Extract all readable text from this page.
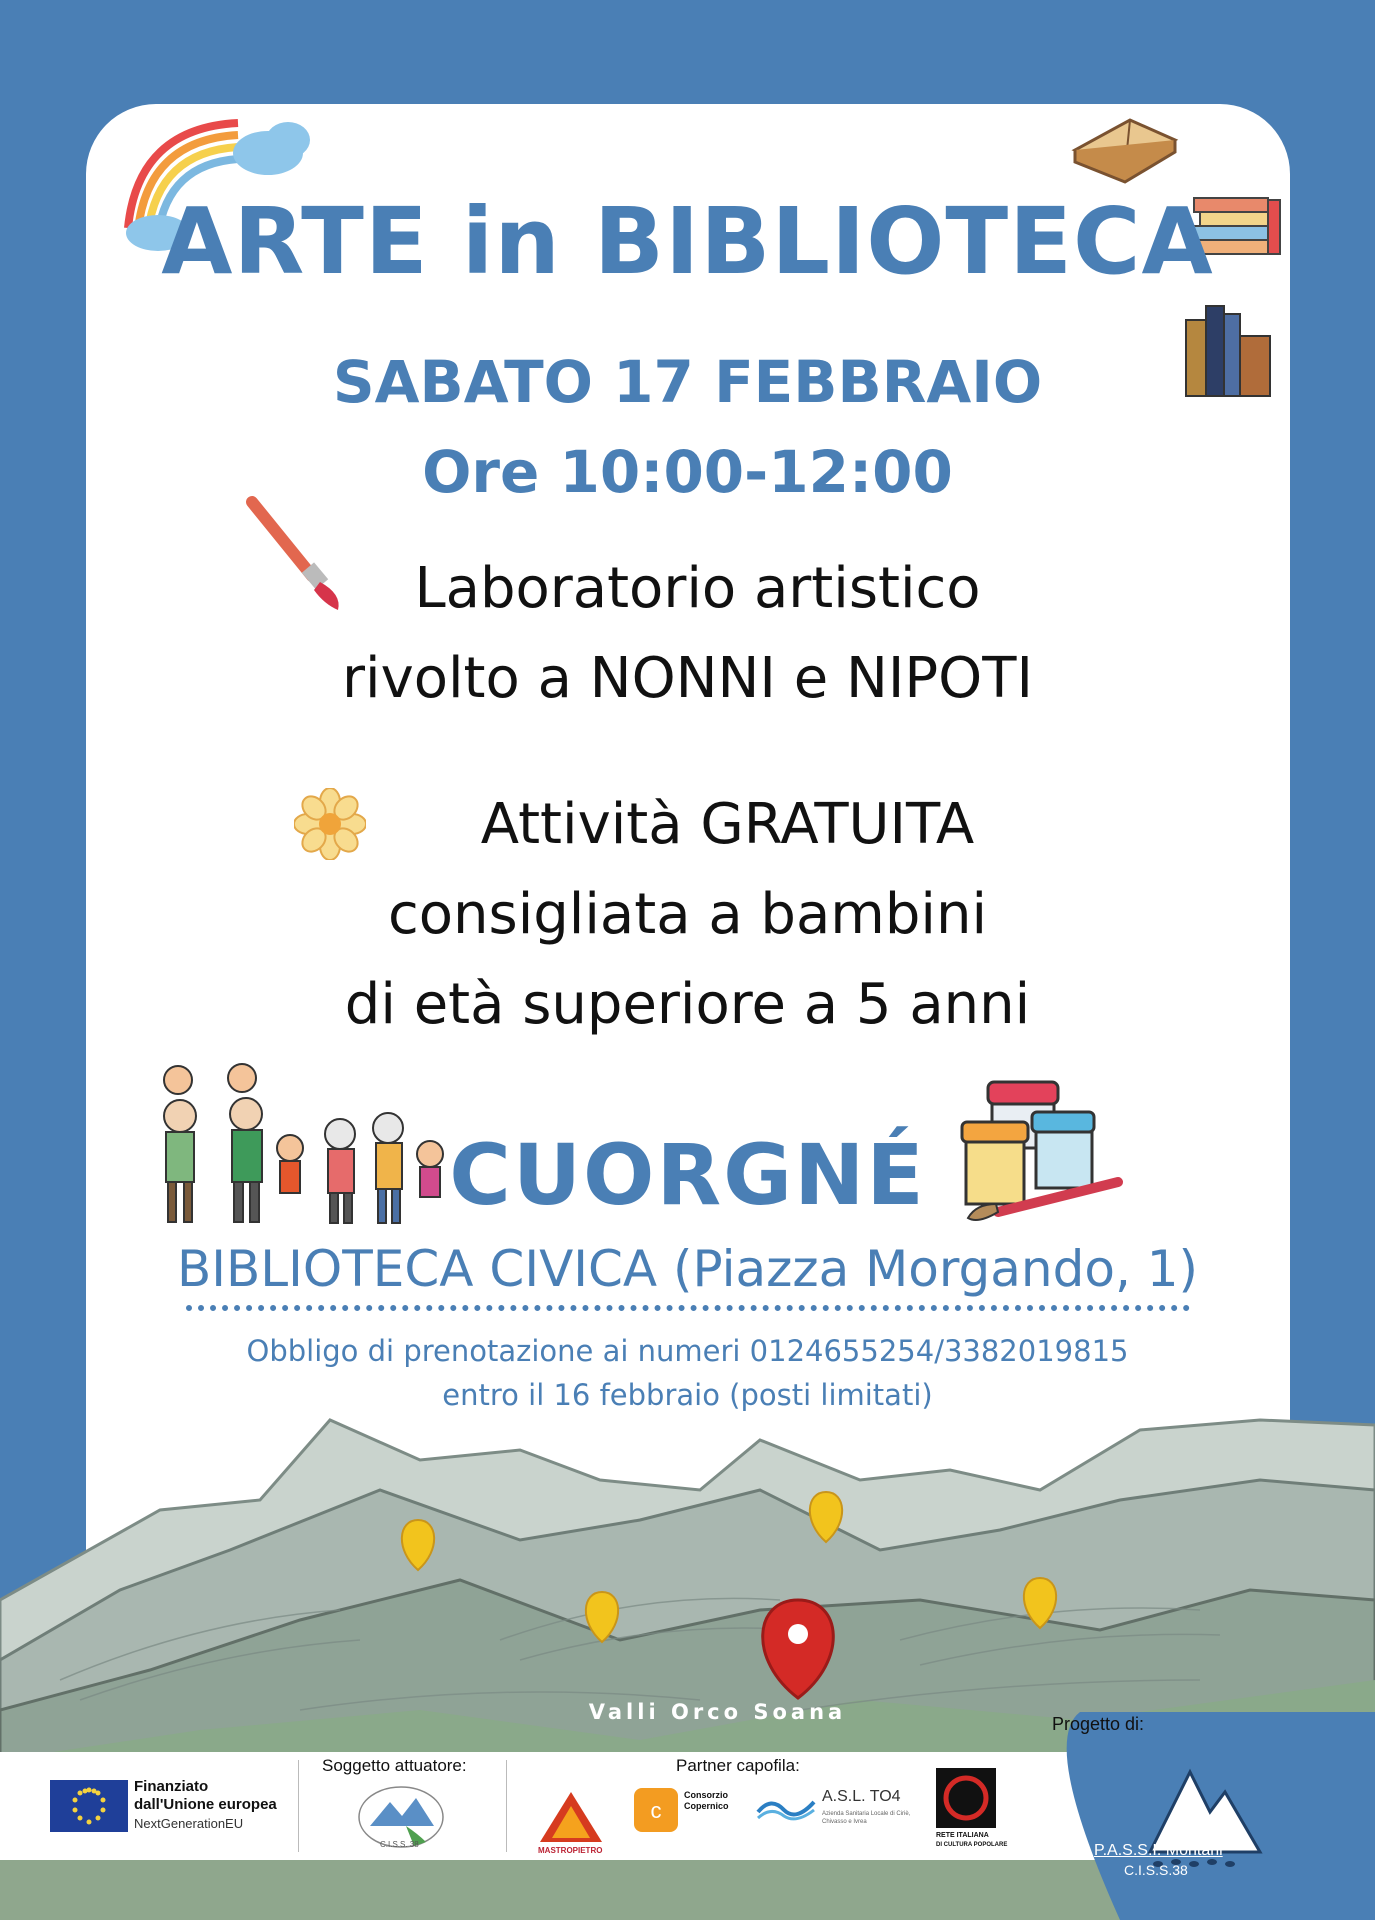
ARTE in BIBLIOTECA
SABATO 17 FEBBRAIO
Ore 10:00-12:00
Laboratorio artistico
rivolto a NONNI e NIPOTI
Attività GRATUITA
consigliata a bambini
di età superiore a 5 anni
CUORGNÉ
BIBLIOTECA CIVICA (Piazza Morgando, 1)
Obbligo di prenotazione ai numeri 0124655254/3382019815
entro il 16 febbraio (posti limitati)
Valli Orco Soana
Finanziato
dall'Unione europea
NextGenerationEU
Soggetto attuatore:
C.I.S.S. 38
Partner capofila:
MASTROPIETRO
c
Consorzio
Copernico
A.S.L. TO4
Azienda Sanitaria Locale di Ciriè, Chivasso e Ivrea
RETE ITALIANA
DI CULTURA POPOLARE
Progetto di:
P.A.S.S.I. Montani
C.I.S.S.38
